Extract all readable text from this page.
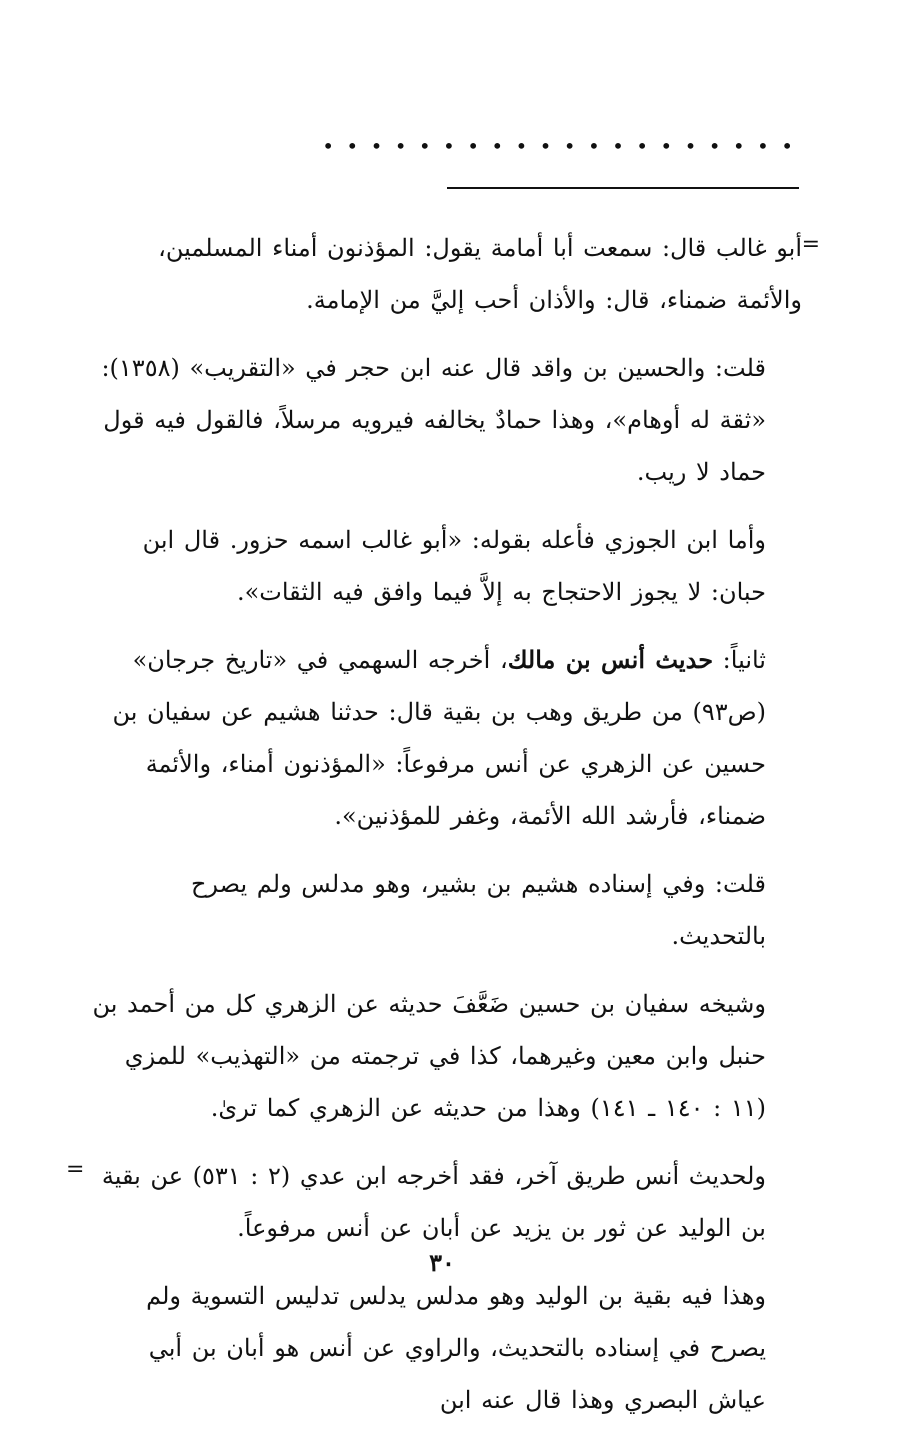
• • • • • • • • • • • • • • • • • • • •
=

أبو غالب قال: سمعت أبا أمامة يقول: المؤذنون أمناء المسلمين، والأئمة ضمناء، قال: والأذان أحب إليَّ من الإمامة.

قلت: والحسين بن واقد قال عنه ابن حجر في «التقريب» (١٣٥٨): «ثقة له أوهام»، وهذا حمادٌ يخالفه فيرويه مرسلاً، فالقول فيه قول حماد لا ريب.

وأما ابن الجوزي فأعله بقوله: «أبو غالب اسمه حزور. قال ابن حبان: لا يجوز الاحتجاج به إلاَّ فيما وافق فيه الثقات».

ثانياً: حديث أنس بن مالك، أخرجه السهمي في «تاريخ جرجان» (ص٩٣) من طريق وهب بن بقية قال: حدثنا هشيم عن سفيان بن حسين عن الزهري عن أنس مرفوعاً: «المؤذنون أمناء، والأئمة ضمناء، فأرشد الله الأئمة، وغفر للمؤذنين».

قلت: وفي إسناده هشيم بن بشير، وهو مدلس ولم يصرح بالتحديث.

وشيخه سفيان بن حسين ضَعَّفَ حديثه عن الزهري كل من أحمد بن حنبل وابن معين وغيرهما، كذا في ترجمته من «التهذيب» للمزي (١١ : ١٤٠ ـ ١٤١) وهذا من حديثه عن الزهري كما ترىٰ.

ولحديث أنس طريق آخر، فقد أخرجه ابن عدي (٢ : ٥٣١) عن بقية بن الوليد عن ثور بن يزيد عن أبان عن أنس مرفوعاً.

وهذا فيه بقية بن الوليد وهو مدلس يدلس تدليس التسوية ولم يصرح في إسناده بالتحديث، والراوي عن أنس هو أبان بن أبي عياش البصري وهذا قال عنه ابن

=
٣٠
